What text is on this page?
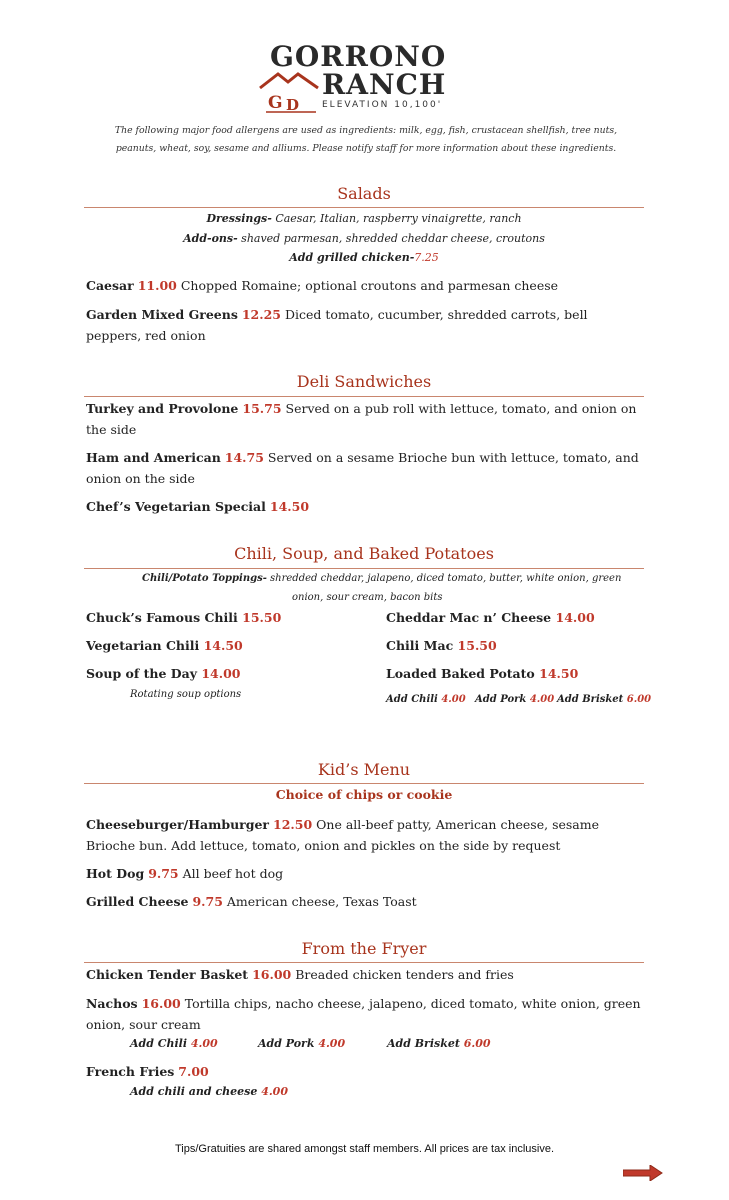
GORRONO
G D
RANCH
ELEVATION 10,100'
The following major food allergens are used as ingredients: milk, egg, fish, crustacean shellfish, tree nuts, peanuts, wheat, soy, sesame and alliums. Please notify staff for more information about these ingredients.
Salads
Dressings- Caesar, Italian, raspberry vinaigrette, ranch
Add-ons- shaved parmesan, shredded cheddar cheese, croutons
Add grilled chicken-7.25
Caesar 11.00 Chopped Romaine; optional croutons and parmesan cheese
Garden Mixed Greens 12.25 Diced tomato, cucumber, shredded carrots, bell peppers, red onion
Deli Sandwiches
Turkey and Provolone 15.75 Served on a pub roll with lettuce, tomato, and onion on the side
Ham and American 14.75 Served on a sesame Brioche bun with lettuce, tomato, and onion on the side
Chef’s Vegetarian Special 14.50
Chili, Soup, and Baked Potatoes
Chili/Potato Toppings- shredded cheddar, jalapeno, diced tomato, butter, white onion, green
onion, sour cream, bacon bits
Chuck’s Famous Chili 15.50
Vegetarian Chili 14.50
Soup of the Day 14.00
Rotating soup options
Cheddar Mac n’ Cheese 14.00
Chili Mac 15.50
Loaded Baked Potato 14.50
Add Chili 4.00 Add Pork 4.00 Add Brisket 6.00
Kid’s Menu
Choice of chips or cookie
Cheeseburger/Hamburger 12.50 One all-beef patty, American cheese, sesame Brioche bun. Add lettuce, tomato, onion and pickles on the side by request
Hot Dog 9.75 All beef hot dog
Grilled Cheese 9.75 American cheese, Texas Toast
From the Fryer
Chicken Tender Basket 16.00 Breaded chicken tenders and fries
Nachos 16.00 Tortilla chips, nacho cheese, jalapeno, diced tomato, white onion, green onion, sour cream
Add Chili 4.00	Add Pork 4.00	Add Brisket 6.00
French Fries 7.00
Add chili and cheese 4.00
Tips/Gratuities are shared amongst staff members. All prices are tax inclusive.
